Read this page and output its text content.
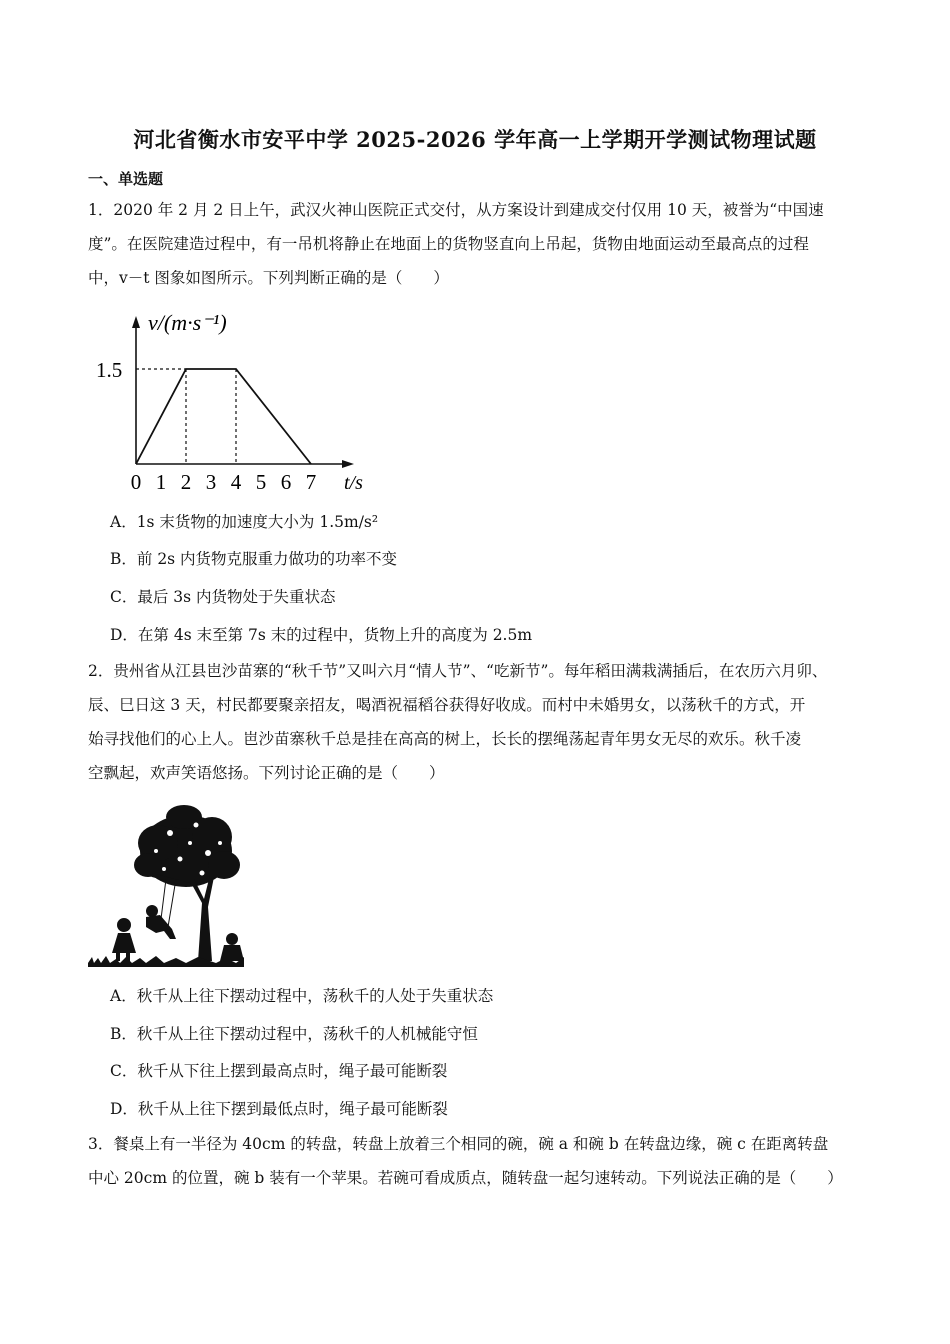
河北省衡水市安平中学 2025-2026 学年高一上学期开学测试物理试题
一、单选题
1．2020 年 2 月 2 日上午，武汉火神山医院正式交付，从方案设计到建成交付仅用 10 天，被誉为“中国速
度”。在医院建造过程中，有一吊机将静止在地面上的货物竖直向上吊起，货物由地面运动至最高点的过程
中，v－t 图象如图所示。下列判断正确的是（　　）
0 1 2 3 4 5 6 7
v/(m·s⁻¹)
t/s
1.5
A．1s 末货物的加速度大小为 1.5m/s²
B．前 2s 内货物克服重力做功的功率不变
C．最后 3s 内货物处于失重状态
D．在第 4s 末至第 7s 末的过程中，货物上升的高度为 2.5m
2．贵州省从江县岜沙苗寨的“秋千节”又叫六月“情人节”、“吃新节”。每年稻田满栽满插后，在农历六月卯、
辰、巳日这 3 天，村民都要聚亲招友，喝酒祝福稻谷获得好收成。而村中未婚男女，以荡秋千的方式，开
始寻找他们的心上人。岜沙苗寨秋千总是挂在高高的树上，长长的摆绳荡起青年男女无尽的欢乐。秋千凌
空飘起，欢声笑语悠扬。下列讨论正确的是（　　）
A．秋千从上往下摆动过程中，荡秋千的人处于失重状态
B．秋千从上往下摆动过程中，荡秋千的人机械能守恒
C．秋千从下往上摆到最高点时，绳子最可能断裂
D．秋千从上往下摆到最低点时，绳子最可能断裂
3．餐桌上有一半径为 40cm 的转盘，转盘上放着三个相同的碗，碗 a 和碗 b 在转盘边缘，碗 c 在距离转盘
中心 20cm 的位置，碗 b 装有一个苹果。若碗可看成质点，随转盘一起匀速转动。下列说法正确的是（　　）
